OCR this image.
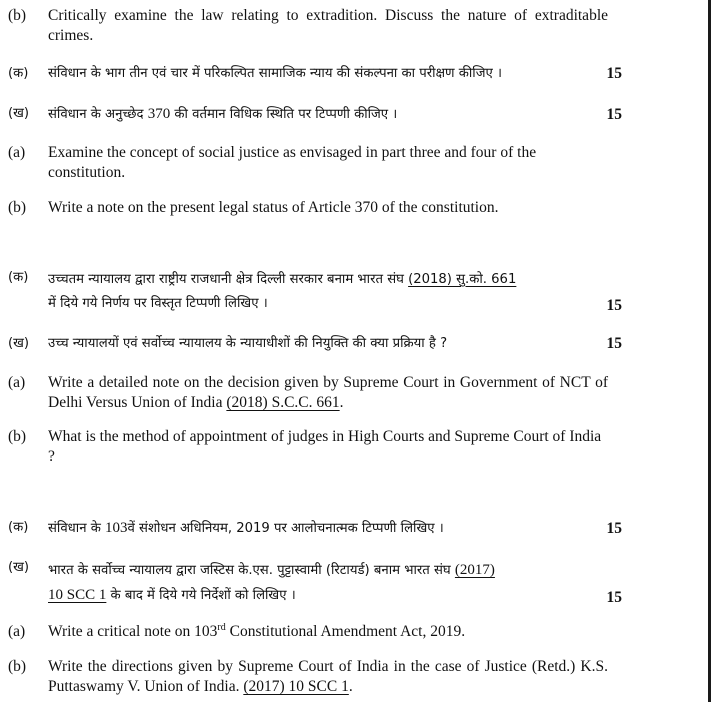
(b) Critically examine the law relating to extradition. Discuss the nature of extraditable crimes.
(क) संविधान के भाग तीन एवं चार में परिकल्पित सामाजिक न्याय की संकल्पना का परीक्षण कीजिए ।	15
(ख) संविधान के अनुच्छेद 370 की वर्तमान विधिक स्थिति पर टिप्पणी कीजिए ।	15
(a) Examine the concept of social justice as envisaged in part three and four of the constitution.
(b) Write a note on the present legal status of Article 370 of the constitution.
(क) उच्चतम न्यायालय द्वारा राष्ट्रीय राजधानी क्षेत्र दिल्ली सरकार बनाम भारत संघ (2018) सु.को. 661
में दिये गये निर्णय पर विस्तृत टिप्पणी लिखिए ।	15
(ख) उच्च न्यायालयों एवं सर्वोच्च न्यायालय के न्यायाधीशों की नियुक्ति की क्या प्रक्रिया है ?	15
(a) Write a detailed note on the decision given by Supreme Court in Government of NCT of Delhi Versus Union of India (2018) S.C.C. 661.
(b) What is the method of appointment of judges in High Courts and Supreme Court of India ?
(क) संविधान के 103वें संशोधन अधिनियम, 2019 पर आलोचनात्मक टिप्पणी लिखिए ।	15
(ख) भारत के सर्वोच्च न्यायालय द्वारा जस्टिस के.एस. पुट्टास्वामी (रिटायर्ड) बनाम भारत संघ (2017)
10 SCC 1 के बाद में दिये गये निर्देशों को लिखिए ।	15
(a) Write a critical note on 103rd Constitutional Amendment Act, 2019.
(b) Write the directions given by Supreme Court of India in the case of Justice (Retd.) K.S. Puttaswamy V. Union of India. (2017) 10 SCC 1.
